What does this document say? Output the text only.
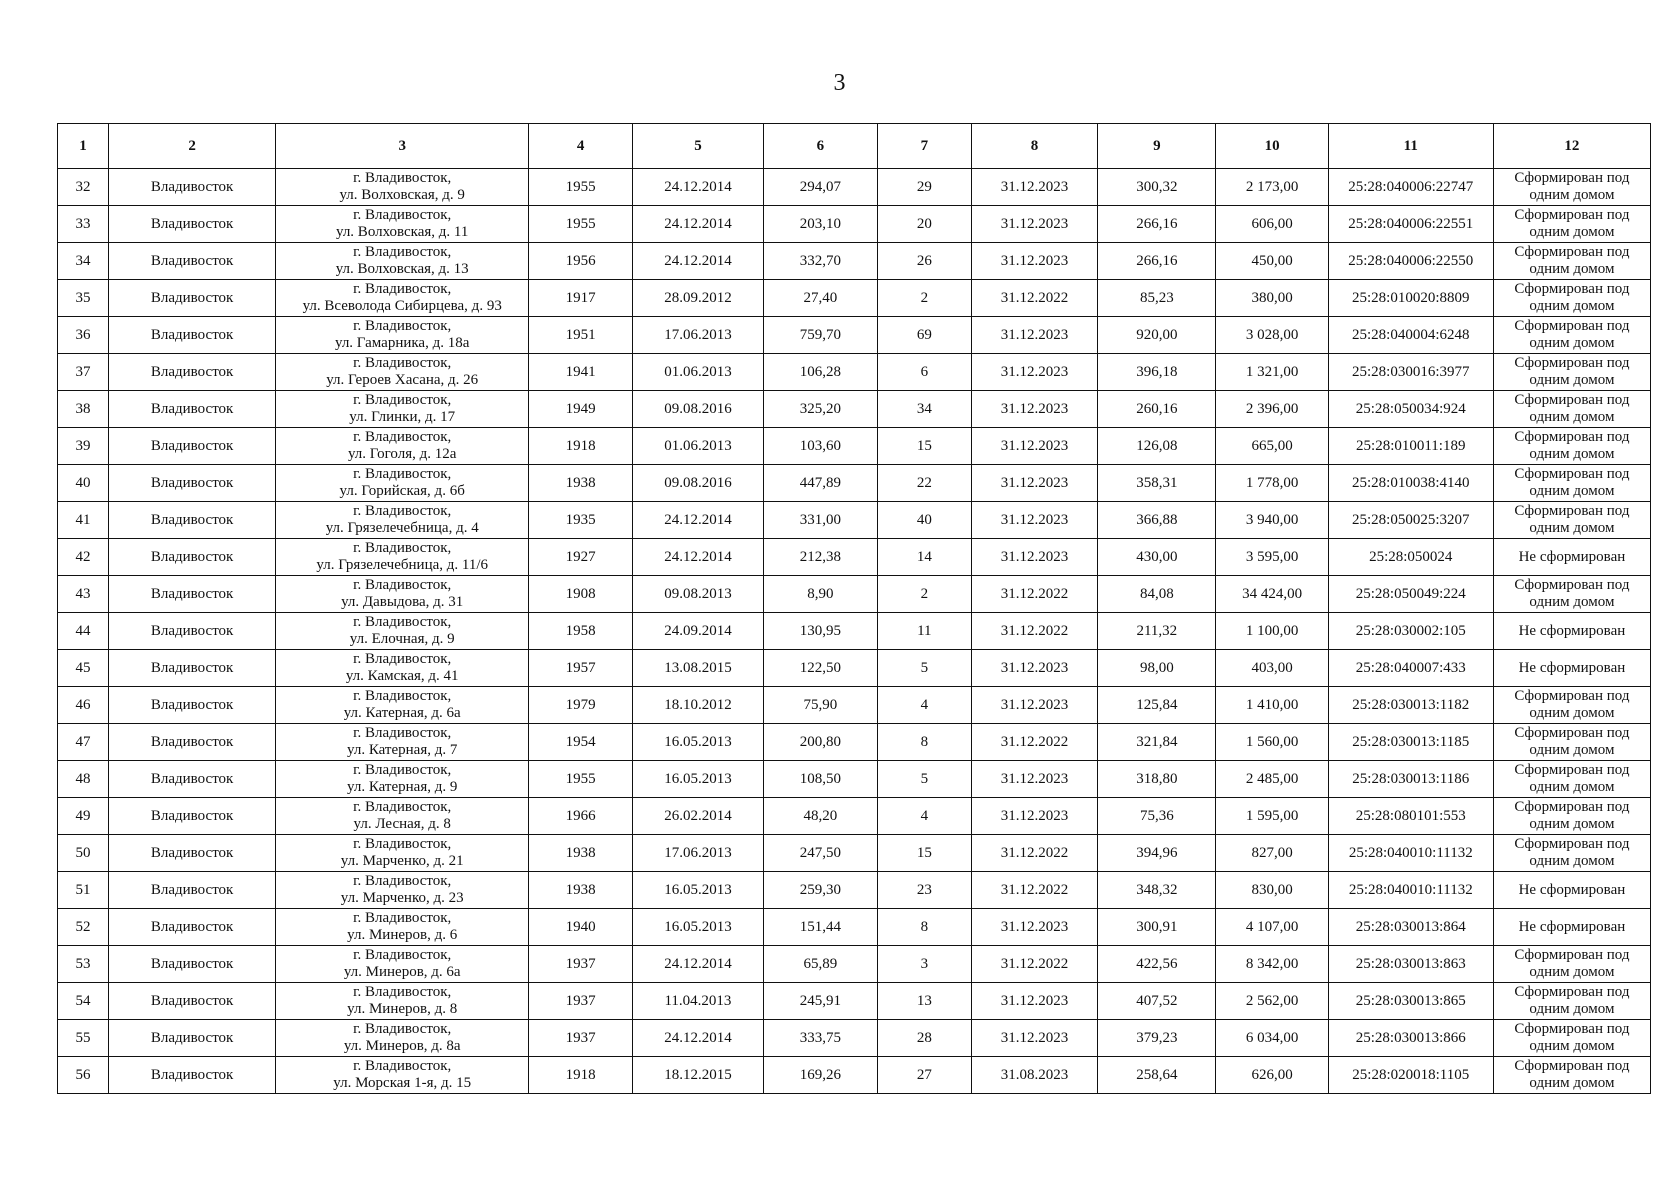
3
1	2	3	4	5	6	7	8	9	10	11	12
32	Владивосток	г. Владивосток,
ул. Волховская, д. 9	1955	24.12.2014	294,07	29	31.12.2023	300,32	2 173,00	25:28:040006:22747	Сформирован под
одним домом

33	Владивосток	г. Владивосток,
ул. Волховская, д. 11	1955	24.12.2014	203,10	20	31.12.2023	266,16	606,00	25:28:040006:22551	Сформирован под
одним домом

34	Владивосток	г. Владивосток,
ул. Волховская, д. 13	1956	24.12.2014	332,70	26	31.12.2023	266,16	450,00	25:28:040006:22550	Сформирован под
одним домом

35	Владивосток	г. Владивосток,
ул. Всеволода Сибирцева, д. 93	1917	28.09.2012	27,40	2	31.12.2022	85,23	380,00	25:28:010020:8809	Сформирован под
одним домом

36	Владивосток	г. Владивосток,
ул. Гамарника, д. 18а	1951	17.06.2013	759,70	69	31.12.2023	920,00	3 028,00	25:28:040004:6248	Сформирован под
одним домом

37	Владивосток	г. Владивосток,
ул. Героев Хасана, д. 26	1941	01.06.2013	106,28	6	31.12.2023	396,18	1 321,00	25:28:030016:3977	Сформирован под
одним домом

38	Владивосток	г. Владивосток,
ул. Глинки, д. 17	1949	09.08.2016	325,20	34	31.12.2023	260,16	2 396,00	25:28:050034:924	Сформирован под
одним домом

39	Владивосток	г. Владивосток,
ул. Гоголя, д. 12а	1918	01.06.2013	103,60	15	31.12.2023	126,08	665,00	25:28:010011:189	Сформирован под
одним домом

40	Владивосток	г. Владивосток,
ул. Горийская, д. 6б	1938	09.08.2016	447,89	22	31.12.2023	358,31	1 778,00	25:28:010038:4140	Сформирован под
одним домом

41	Владивосток	г. Владивосток,
ул. Грязелечебница, д. 4	1935	24.12.2014	331,00	40	31.12.2023	366,88	3 940,00	25:28:050025:3207	Сформирован под
одним домом

42	Владивосток	г. Владивосток,
ул. Грязелечебница, д. 11/6	1927	24.12.2014	212,38	14	31.12.2023	430,00	3 595,00	25:28:050024	Не сформирован

43	Владивосток	г. Владивосток,
ул. Давыдова, д. 31	1908	09.08.2013	8,90	2	31.12.2022	84,08	34 424,00	25:28:050049:224	Сформирован под
одним домом

44	Владивосток	г. Владивосток,
ул. Елочная, д. 9	1958	24.09.2014	130,95	11	31.12.2022	211,32	1 100,00	25:28:030002:105	Не сформирован

45	Владивосток	г. Владивосток,
ул. Камская, д. 41	1957	13.08.2015	122,50	5	31.12.2023	98,00	403,00	25:28:040007:433	Не сформирован

46	Владивосток	г. Владивосток,
ул. Катерная, д. 6а	1979	18.10.2012	75,90	4	31.12.2023	125,84	1 410,00	25:28:030013:1182	Сформирован под
одним домом

47	Владивосток	г. Владивосток,
ул. Катерная, д. 7	1954	16.05.2013	200,80	8	31.12.2022	321,84	1 560,00	25:28:030013:1185	Сформирован под
одним домом

48	Владивосток	г. Владивосток,
ул. Катерная, д. 9	1955	16.05.2013	108,50	5	31.12.2023	318,80	2 485,00	25:28:030013:1186	Сформирован под
одним домом

49	Владивосток	г. Владивосток,
ул. Лесная, д. 8	1966	26.02.2014	48,20	4	31.12.2023	75,36	1 595,00	25:28:080101:553	Сформирован под
одним домом

50	Владивосток	г. Владивосток,
ул. Марченко, д. 21	1938	17.06.2013	247,50	15	31.12.2022	394,96	827,00	25:28:040010:11132	Сформирован под
одним домом

51	Владивосток	г. Владивосток,
ул. Марченко, д. 23	1938	16.05.2013	259,30	23	31.12.2022	348,32	830,00	25:28:040010:11132	Не сформирован

52	Владивосток	г. Владивосток,
ул. Минеров, д. 6	1940	16.05.2013	151,44	8	31.12.2023	300,91	4 107,00	25:28:030013:864	Не сформирован

53	Владивосток	г. Владивосток,
ул. Минеров, д. 6а	1937	24.12.2014	65,89	3	31.12.2022	422,56	8 342,00	25:28:030013:863	Сформирован под
одним домом

54	Владивосток	г. Владивосток,
ул. Минеров, д. 8	1937	11.04.2013	245,91	13	31.12.2023	407,52	2 562,00	25:28:030013:865	Сформирован под
одним домом

55	Владивосток	г. Владивосток,
ул. Минеров, д. 8а	1937	24.12.2014	333,75	28	31.12.2023	379,23	6 034,00	25:28:030013:866	Сформирован под
одним домом

56	Владивосток	г. Владивосток,
ул. Морская 1-я, д. 15	1918	18.12.2015	169,26	27	31.08.2023	258,64	626,00	25:28:020018:1105	Сформирован под
одним домом
